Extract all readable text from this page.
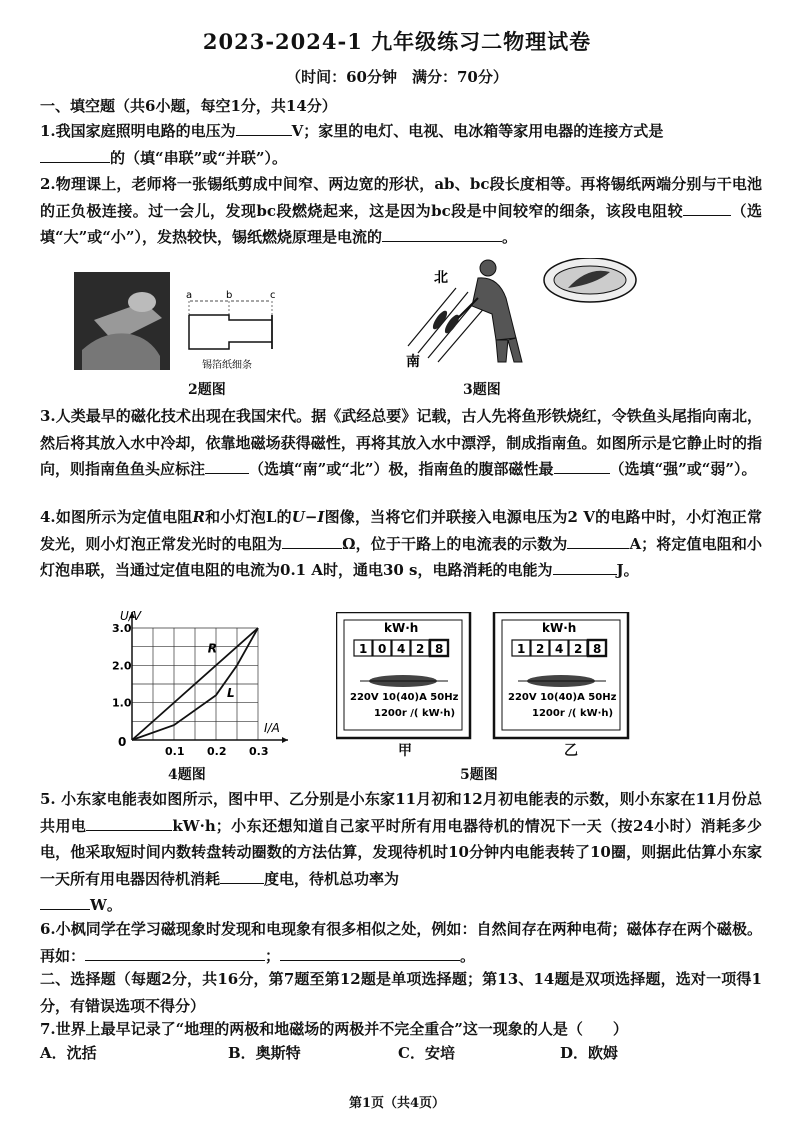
2023-2024-1 九年级练习二物理试卷
（时间：60分钟　满分：70分）
一、填空题（共6小题，每空1分，共14分）

1.我国家庭照明电路的电压为	V；家里的电灯、电视、电冰箱等家用电器的连接方式是
的（填“串联”或“并联”）。

2.物理课上，老师将一张锡纸剪成中间窄、两边宽的形状，ab、bc段长度相等。再将锡纸两端分别与干电池的正负极连接。过一会儿，发现bc段燃烧起来，这是因为bc段是中间较窄的细条，该段电阻较	（选填“大”或“小”），发热较快，锡纸燃烧原理是电流的	。

a	b	c
锡箔纸细条
2题图
北
南
3题图

3.人类最早的磁化技术出现在我国宋代。据《武经总要》记载，古人先将鱼形铁烧红，令铁鱼头尾指向南北，然后将其放入水中冷却，依靠地磁场获得磁性，再将其放入水中漂浮，制成指南鱼。如图所示是它静止时的指向，则指南鱼鱼头应标注	（选填“南”或“北”）极，指南鱼的腹部磁性最	（选填“强”或“弱”）。

4.如图所示为定值电阻R和小灯泡L的U−I图像，当将它们并联接入电源电压为2 V的电路中时，小灯泡正常发光，则小灯泡正常发光时的电阻为	Ω，位于干路上的电流表的示数为	A；将定值电阻和小灯泡串联，当通过定值电阻的电流为0.1 A时，通电30 s，电路消耗的电能为	J。

0.1 0.2 0.3
1.0
2.0
3.0
R
L
U/V
I/A
0
4题图
kW·h
1 0 4 2 8
220V 10(40)A 50Hz
1200r /( kW·h)
kW·h
1 2 4 2 8
220V 10(40)A 50Hz
1200r /( kW·h)
甲	乙
5题图

5. 小东家电能表如图所示，图中甲、乙分别是小东家11月初和12月初电能表的示数，则小东家在11月份总共用电	kW·h；小东还想知道自己家平时所有用电器待机的情况下一天（按24小时）消耗多少电，他采取短时间内数转盘转动圈数的方法估算，发现待机时10分钟内电能表转了10圈，则据此估算小东家一天所有用电器因待机消耗	度电，待机总功率为
W。

6.小枫同学在学习磁现象时发现和电现象有很多相似之处，例如：自然间存在两种电荷；磁体存在两个磁极。再如：	；	。

二、选择题（每题2分，共16分，第7题至第12题是单项选择题；第13、14题是双项选择题，选对一项得1分，有错误选项不得分）

7.世界上最早记录了“地理的两极和地磁场的两极并不完全重合”这一现象的人是（　　）

A．沈括	B．奥斯特	C．安培	D．欧姆
第1页（共4页）
